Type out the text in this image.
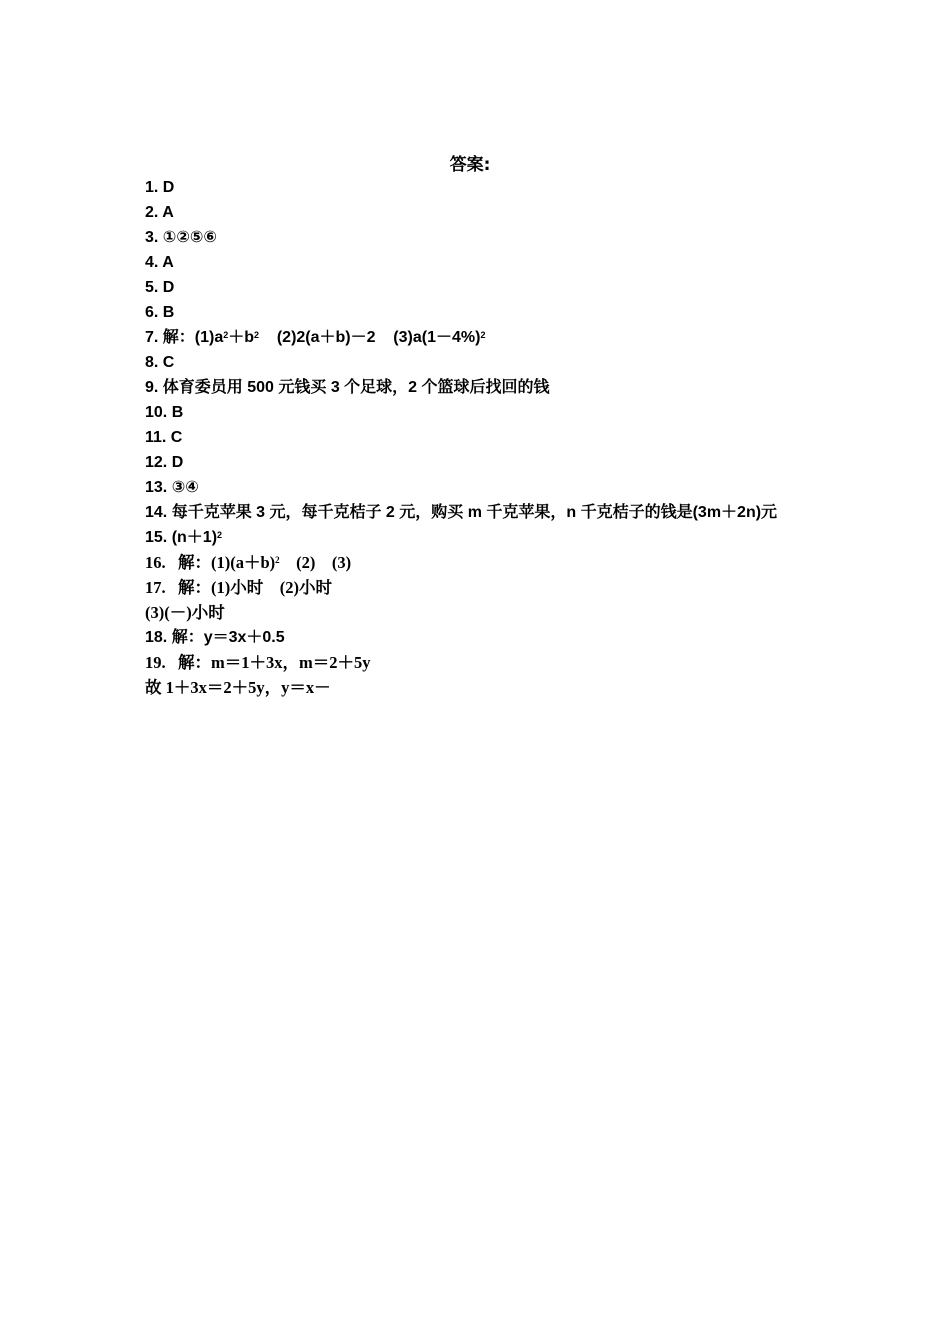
答案:
1. D
2. A
3. ①②⑤⑥
4. A
5. D
6. B
7. 解：$(1)a^2+b^2$    (2)2(a＋b)－2    $(3)a(1-4\%)^2$
8. C
9. 体育委员用 500 元钱买 3 个足球，2 个篮球后找回的钱
10. B
11. C
12. D
13. ③④
14. 每千克苹果 3 元，每千克桔子 2 元，购买 m 千克苹果，n 千克桔子的钱是(3m＋2n)元
15. $(n+1)^2$
16.   解：$(1)(a+b)^2$    (2)    (3)
17.   解：(1)小时    (2)小时
(3)(－)小时
18. 解：y＝3x＋0.5
19.   解：m＝1＋3x，m＝2＋5y
故 1＋3x＝2＋5y，y＝x－
